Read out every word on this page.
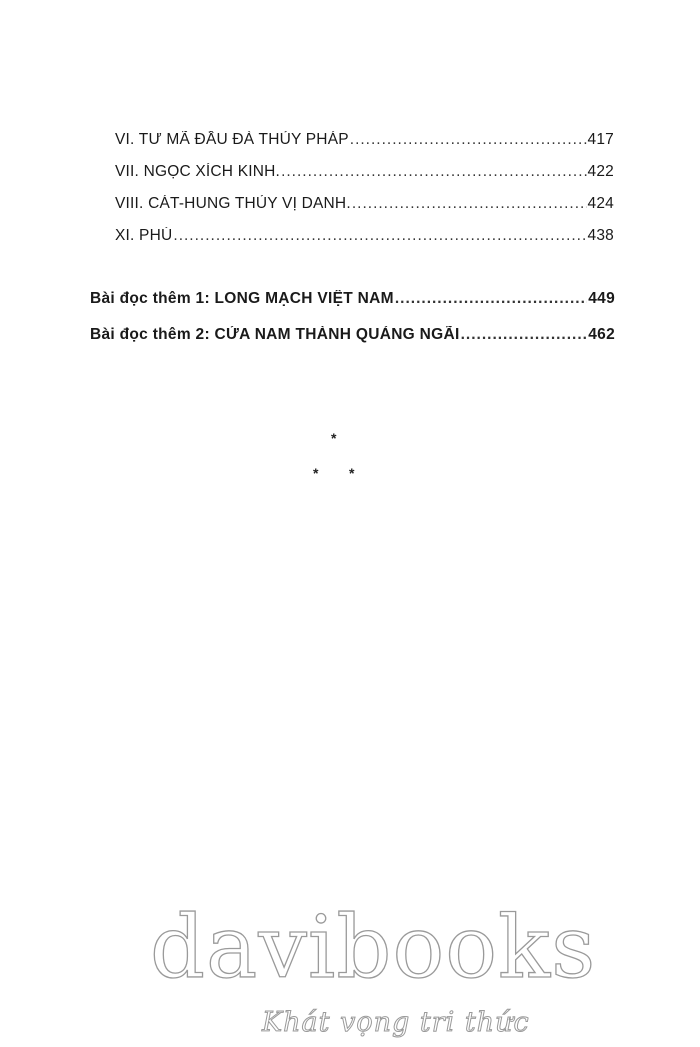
VI. TƯ MÃ ĐẦU ĐÀ THỦY PHÁP .....	417
VII. NGỌC XÍCH KINH. .....	422
VIII. CÁT-HUNG THỦY VỊ DANH. .....	424
XI. PHÚ .....	438
Bài đọc thêm 1: LONG MẠCH VIỆT NAM .....	449
Bài đọc thêm 2: CỬA NAM THÀNH QUẢNG NGÃI .....	462
*
* *
davibooks
Khát vọng tri thức
